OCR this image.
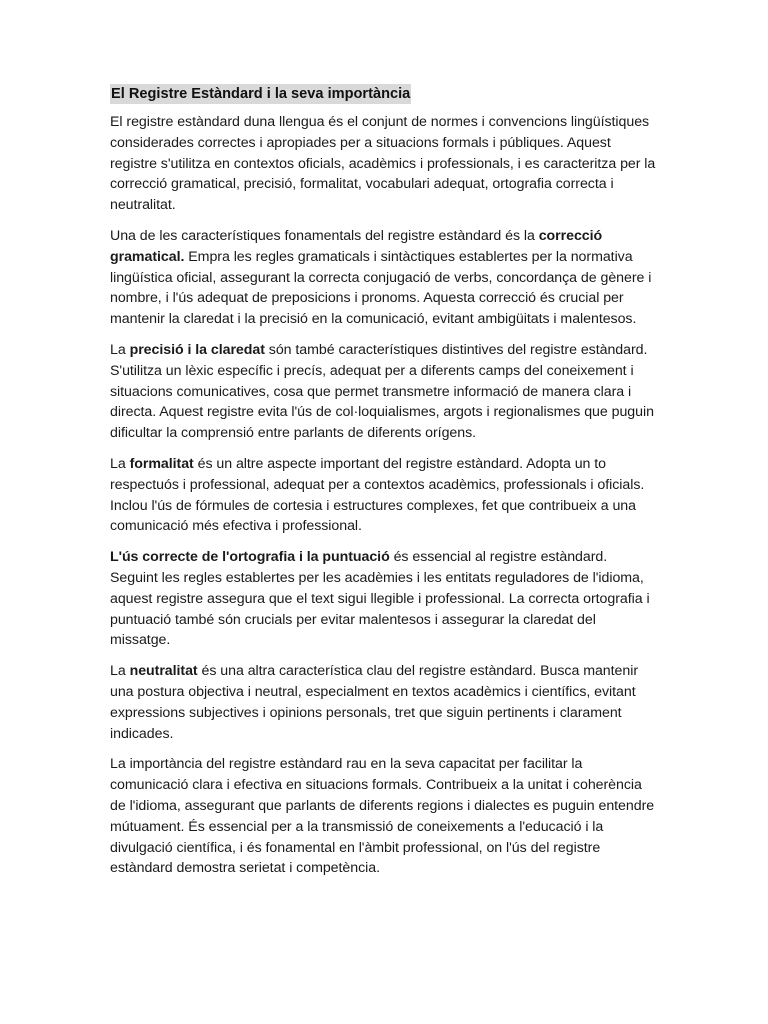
El Registre Estàndard i la seva importància

El registre estàndard duna llengua és el conjunt de normes i convencions lingüístiques considerades correctes i apropiades per a situacions formals i públiques. Aquest registre s'utilitza en contextos oficials, acadèmics i professionals, i es caracteritza per la correcció gramatical, precisió, formalitat, vocabulari adequat, ortografia correcta i neutralitat.

Una de les característiques fonamentals del registre estàndard és la correcció gramatical. Empra les regles gramaticals i sintàctiques establertes per la normativa lingüística oficial, assegurant la correcta conjugació de verbs, concordança de gènere i nombre, i l'ús adequat de preposicions i pronoms. Aquesta correcció és crucial per mantenir la claredat i la precisió en la comunicació, evitant ambigüitats i malentesos.

La precisió i la claredat són també característiques distintives del registre estàndard. S'utilitza un lèxic específic i precís, adequat per a diferents camps del coneixement i situacions comunicatives, cosa que permet transmetre informació de manera clara i directa. Aquest registre evita l'ús de col·loquialismes, argots i regionalismes que puguin dificultar la comprensió entre parlants de diferents orígens.

La formalitat és un altre aspecte important del registre estàndard. Adopta un to respectuós i professional, adequat per a contextos acadèmics, professionals i oficials. Inclou l'ús de fórmules de cortesia i estructures complexes, fet que contribueix a una comunicació més efectiva i professional.

L'ús correcte de l'ortografia i la puntuació és essencial al registre estàndard. Seguint les regles establertes per les acadèmies i les entitats reguladores de l'idioma, aquest registre assegura que el text sigui llegible i professional. La correcta ortografia i puntuació també són crucials per evitar malentesos i assegurar la claredat del missatge.

La neutralitat és una altra característica clau del registre estàndard. Busca mantenir una postura objectiva i neutral, especialment en textos acadèmics i científics, evitant expressions subjectives i opinions personals, tret que siguin pertinents i clarament indicades.

La importància del registre estàndard rau en la seva capacitat per facilitar la comunicació clara i efectiva en situacions formals. Contribueix a la unitat i coherència de l'idioma, assegurant que parlants de diferents regions i dialectes es puguin entendre mútuament. És essencial per a la transmissió de coneixements a l'educació i la divulgació científica, i és fonamental en l'àmbit professional, on l'ús del registre estàndard demostra serietat i competència.
